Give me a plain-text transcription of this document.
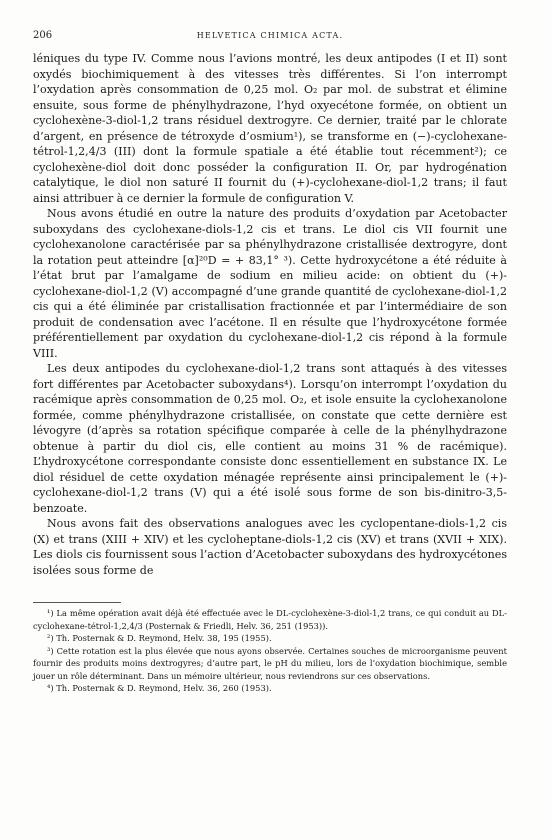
206	HELVETICA CHIMICA ACTA.

léniques du type IV. Comme nous l’avions montré, les deux antipodes (I et II) sont oxydés biochimiquement à des vitesses très différentes. Si l’on interrompt l’oxydation après consommation de 0,25 mol. O₂ par mol. de substrat et élimine ensuite, sous forme de phénylhydrazone, l’hyd oxyecétone formée, on obtient un cyclohexène-3-diol-1,2 trans résiduel dextrogyre. Ce dernier, traité par le chlorate d’argent, en présence de tétroxyde d’osmium¹), se transforme en (−)-cyclohexane-tétrol-1,2,4/3 (III) dont la formule spatiale a été établie tout récemment²); ce cyclohexène-diol doit donc posséder la configuration II. Or, par hydrogénation catalytique, le diol non saturé II fournit du (+)-cyclohexane-diol-1,2 trans; il faut ainsi attribuer à ce dernier la formule de configuration V.

Nous avons étudié en outre la nature des produits d’oxydation par Acetobacter suboxydans des cyclohexane-diols-1,2 cis et trans. Le diol cis VII fournit une cyclohexanolone caractérisée par sa phénylhydrazone cristallisée dextrogyre, dont la rotation peut atteindre [α]²⁰D = + 83,1° ³). Cette hydroxycétone a été réduite à l’état brut par l’amalgame de sodium en milieu acide: on obtient du (+)-cyclohexane-diol-1,2 (V) accompagné d’une grande quantité de cyclohexane-diol-1,2 cis qui a été éliminée par cristallisation fractionnée et par l’intermédiaire de son produit de condensation avec l’acétone. Il en résulte que l’hydroxycétone formée préférentiellement par oxydation du cyclohexane-diol-1,2 cis répond à la formule VIII.

Les deux antipodes du cyclohexane-diol-1,2 trans sont attaqués à des vitesses fort différentes par Acetobacter suboxydans⁴). Lorsqu’on interrompt l’oxydation du racémique après consommation de 0,25 mol. O₂, et isole ensuite la cyclohexanolone formée, comme phénylhydrazone cristallisée, on constate que cette dernière est lévogyre (d’après sa rotation spécifique comparée à celle de la phénylhydrazone obtenue à partir du diol cis, elle contient au moins 31 % de racémique). L’hydroxycétone correspondante consiste donc essentiellement en substance IX. Le diol résiduel de cette oxydation ménagée représente ainsi principalement le (+)-cyclohexane-diol-1,2 trans (V) qui a été isolé sous forme de son bis-dinitro-3,5-benzoate.

Nous avons fait des observations analogues avec les cyclopentane-diols-1,2 cis (X) et trans (XIII + XIV) et les cycloheptane-diols-1,2 cis (XV) et trans (XVII + XIX). Les diols cis fournissent sous l’action d’Acetobacter suboxydans des hydroxycétones isolées sous forme de

¹) La même opération avait déjà été effectuée avec le DL-cyclohexène-3-diol-1,2 trans, ce qui conduit au DL-cyclohexane-tétrol-1,2,4/3 (Posternak & Friedli, Helv. 36, 251 (1953)).

²) Th. Posternak & D. Reymond, Helv. 38, 195 (1955).

³) Cette rotation est la plus élevée que nous ayons observée. Certaines souches de microorganisme peuvent fournir des produits moins dextrogyres; d’autre part, le pH du milieu, lors de l’oxydation biochimique, semble jouer un rôle déterminant. Dans un mémoire ultérieur, nous reviendrons sur ces observations.

⁴) Th. Posternak & D. Reymond, Helv. 36, 260 (1953).
